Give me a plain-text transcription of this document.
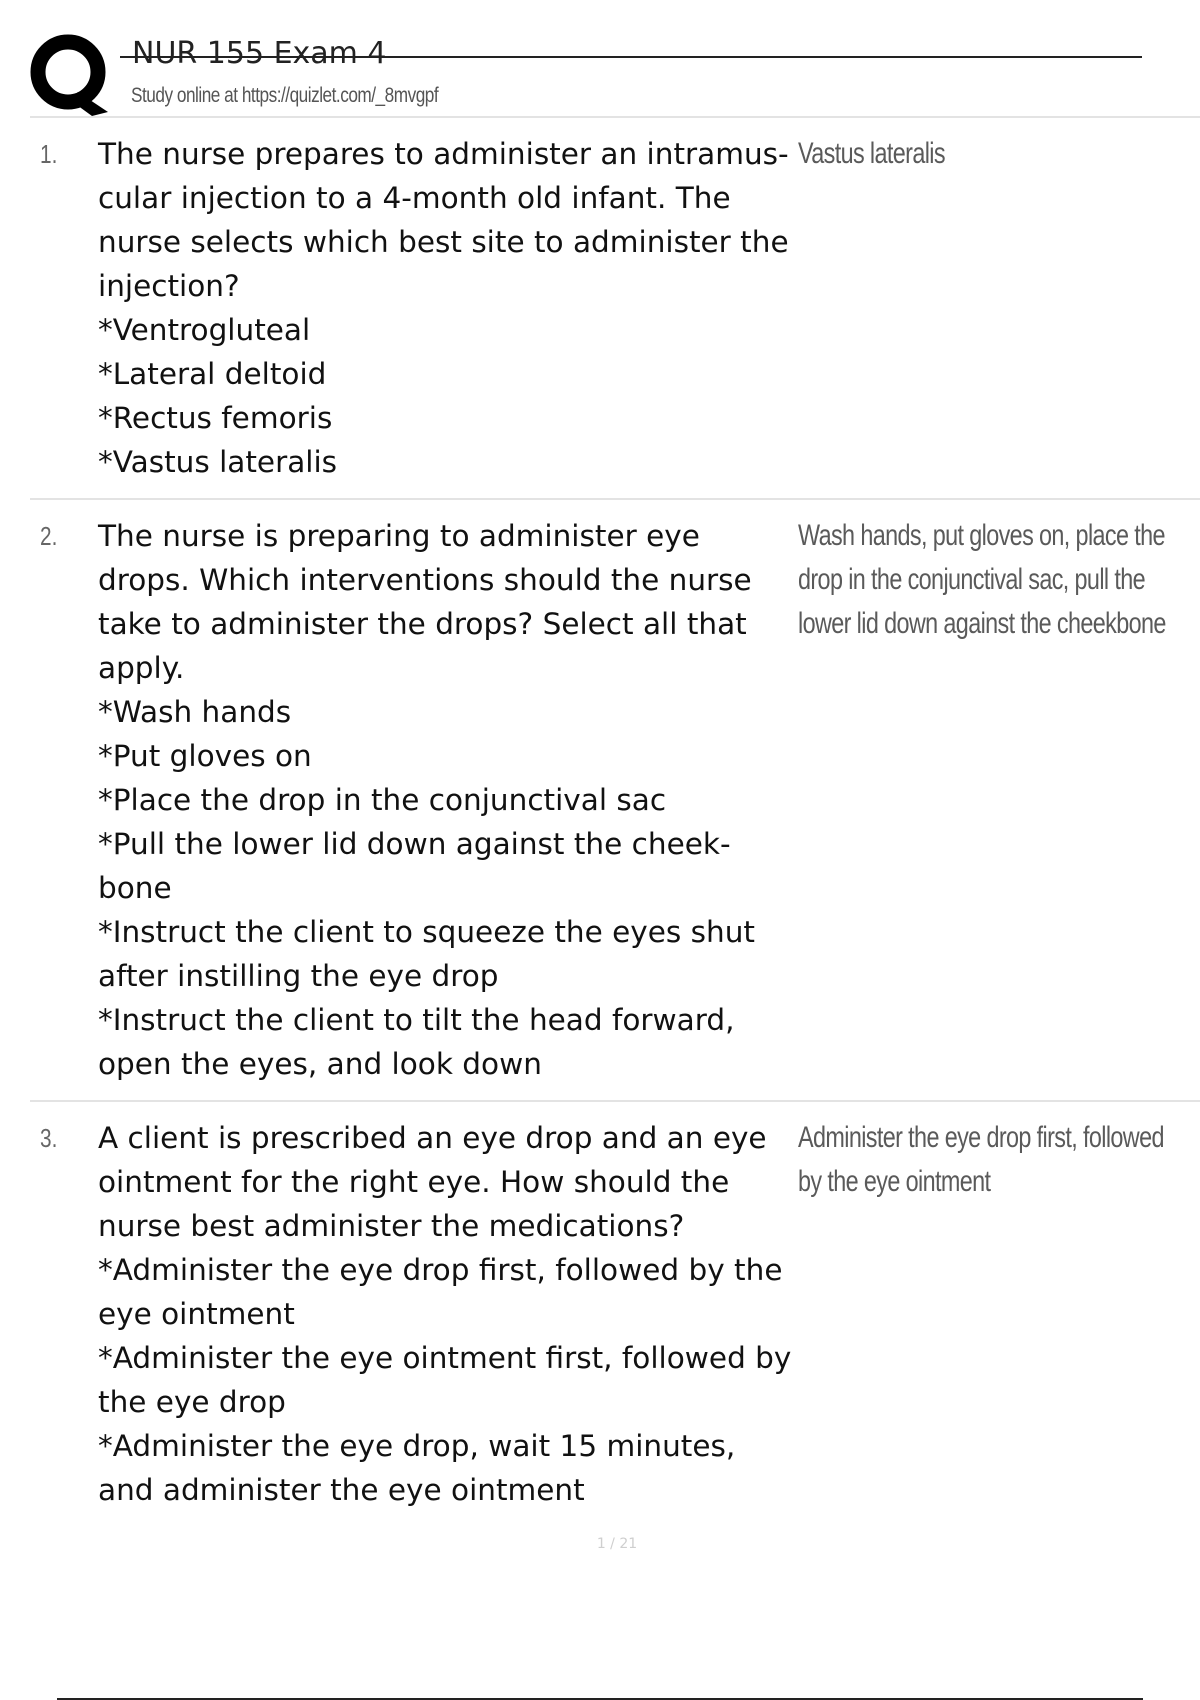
NUR 155 Exam 4
Study online at https://quizlet.com/_8mvgpf
1. The nurse prepares to administer an intramus-
cular injection to a 4-month old infant. The
nurse selects which best site to administer the
injection?
*Ventrogluteal
*Lateral deltoid
*Rectus femoris
*Vastus lateralis
Vastus lateralis
2. The nurse is preparing to administer eye
drops. Which interventions should the nurse
take to administer the drops? Select all that
apply.
*Wash hands
*Put gloves on
*Place the drop in the conjunctival sac
*Pull the lower lid down against the cheek-
bone
*Instruct the client to squeeze the eyes shut
after instilling the eye drop
*Instruct the client to tilt the head forward,
open the eyes, and look down
Wash hands, put gloves on, place the
drop in the conjunctival sac, pull the
lower lid down against the cheekbone
3. A client is prescribed an eye drop and an eye
ointment for the right eye. How should the
nurse best administer the medications?
*Administer the eye drop first, followed by the
eye ointment
*Administer the eye ointment first, followed by
the eye drop
*Administer the eye drop, wait 15 minutes,
and administer the eye ointment
Administer the eye drop first, followed
by the eye ointment
1 / 21
